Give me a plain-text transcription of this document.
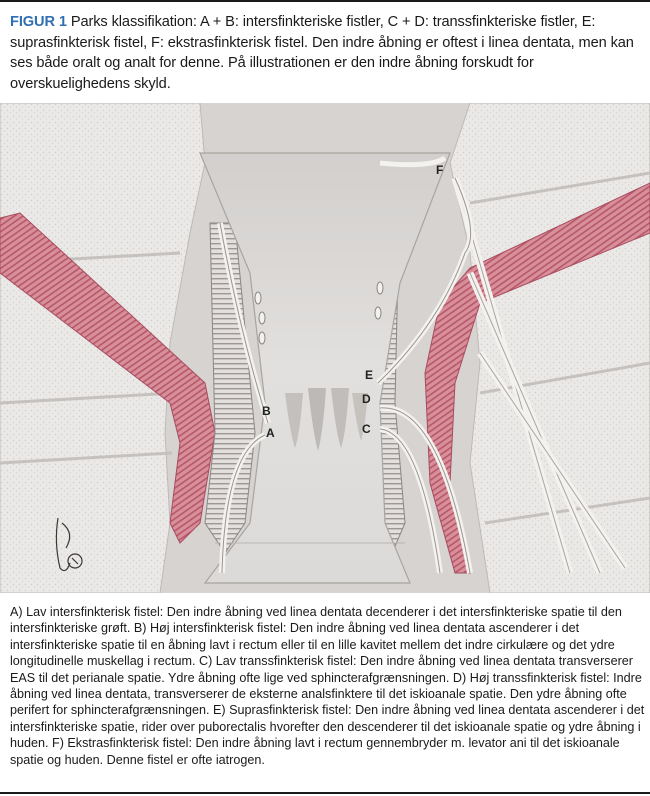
FIGUR 1 Parks klassifikation: A + B: intersfinkteriske fistler, C + D: transsfinkteriske fistler, E: suprasfinkterisk fistel, F: ekstrasfinkterisk fistel. Den indre åbning er oftest i linea dentata, men kan ses både oralt og analt for denne. På illustrationen er den indre åbning forskudt for overskuelighedens skyld.
B
A	C
D
E
F

A) Lav intersfinkterisk fistel: Den indre åbning ved linea dentata decenderer i det intersfinkteriske spatie til den intersfinkteriske grøft. B) Høj intersfinkterisk fistel: Den indre åbning ved linea dentata ascenderer i det intersfinkteriske spatie til en åbning lavt i rectum eller til en lille kavitet mellem det indre cirkulære og det ydre longitudinelle muskellag i rectum. C) Lav transsfinkterisk fistel: Den indre åbning ved linea dentata transverserer EAS til det perianale spatie. Ydre åbning ofte lige ved sphincterafgrænsningen. D) Høj transsfinkterisk fistel: Indre åbning ved linea dentata, transverserer de eksterne analsfinktere til det iskioanale spatie. Den ydre åbning ofte perifert for sphincterafgrænsningen. E) Suprasfinkterisk fistel: Den indre åbning ved linea dentata ascenderer i det intersfinkteriske spatie, rider over puborectalis hvorefter den descenderer til det iskioanale spatie og ydre åbning i huden. F) Ekstrasfinkterisk fistel: Den indre åbning lavt i rectum gennembryder m. levator ani til det iskioanale spatie og huden. Denne fistel er ofte iatrogen.
